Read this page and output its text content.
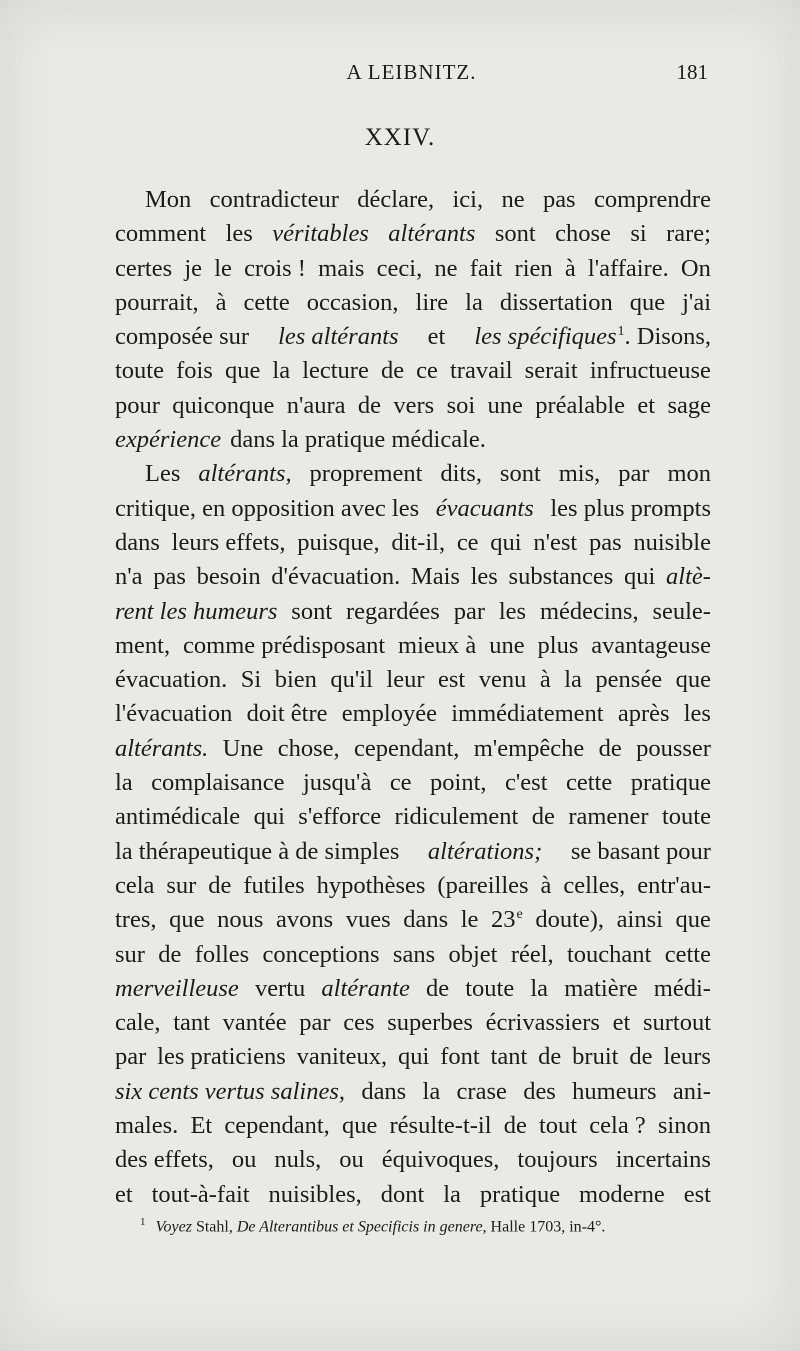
A LEIBNITZ.	181
XXIV.
Mon contradicteur déclare, ici, ne pas comprendre
comment les véritables altérants sont chose si rare;
certes je le crois ! mais ceci, ne fait rien à l'affaire. On
pourrait, à cette occasion, lire la dissertation que j'ai
composée sur les altérants et les spécifiques1. Disons,
toute fois que la lecture de ce travail serait infructueuse
pour quiconque n'aura de vers soi une préalable et sage
expérience dans la pratique médicale.
Les altérants, proprement dits, sont mis, par mon
critique, en opposition avec les évacuants les plus prompts
dans leurs effets, puisque, dit-il, ce qui n'est pas nuisible
n'a pas besoin d'évacuation. Mais les substances qui altè-
rent les humeurs sont regardées par les médecins, seule-
ment, comme prédisposant mieux à une plus avantageuse
évacuation. Si bien qu'il leur est venu à la pensée que
l'évacuation doit être employée immédiatement après les
altérants. Une chose, cependant, m'empêche de pousser
la complaisance jusqu'à ce point, c'est cette pratique
antimédicale qui s'efforce ridiculement de ramener toute
la thérapeutique à de simples altérations; se basant pour
cela sur de futiles hypothèses (pareilles à celles, entr'au-
tres, que nous avons vues dans le 23e doute), ainsi que
sur de folles conceptions sans objet réel, touchant cette
merveilleuse vertu altérante de toute la matière médi-
cale, tant vantée par ces superbes écrivassiers et surtout
par les praticiens vaniteux, qui font tant de bruit de leurs
six cents vertus salines, dans la crase des humeurs ani-
males. Et cependant, que résulte-t-il de tout cela ? sinon
des effets, ou nuls, ou équivoques, toujours incertains
et tout-à-fait nuisibles, dont la pratique moderne est
$^1$ Voyez Stahl, De Alterantibus et Specificis in genere, Halle 1703, in-4°.
